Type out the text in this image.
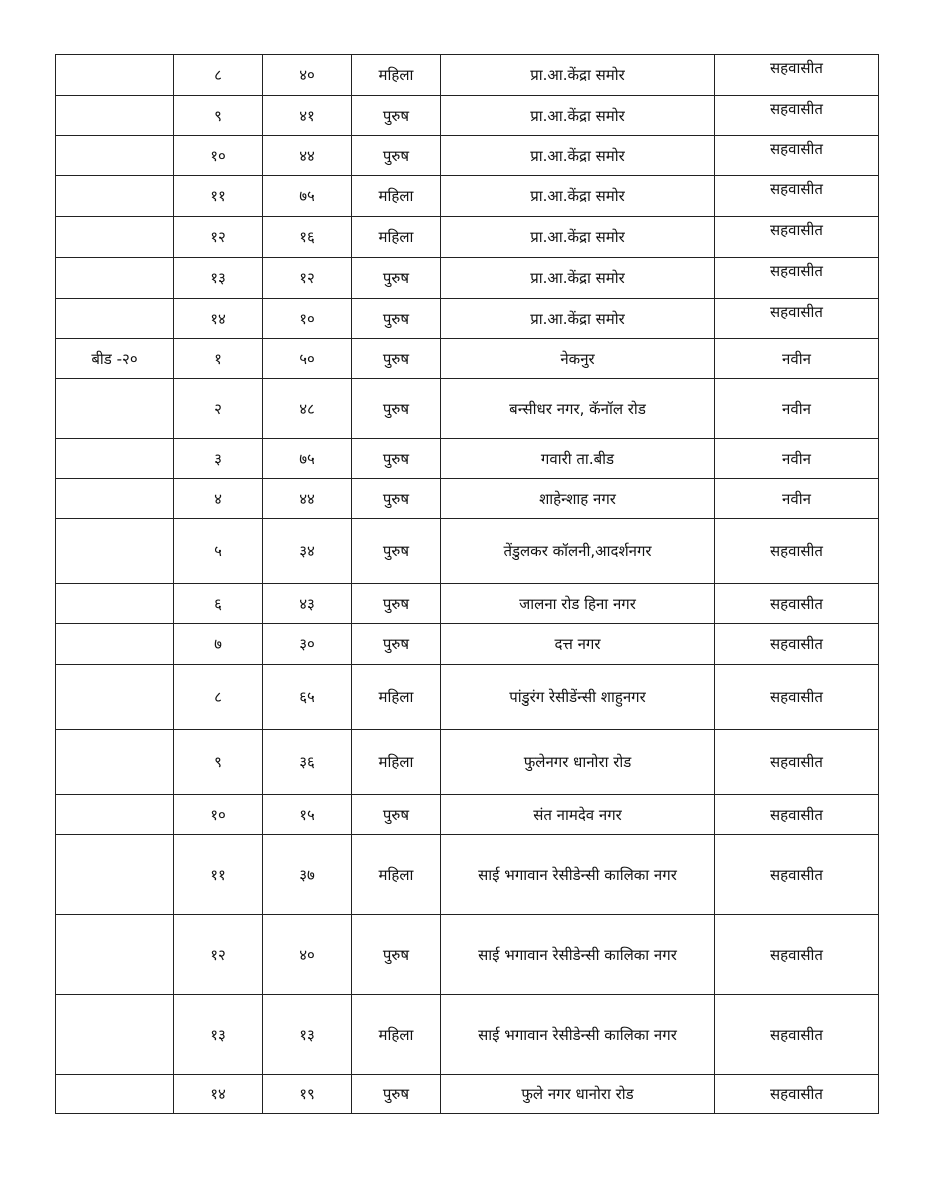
	८	४०	महिला	प्रा.आ.केंद्रा समोर	सहवासीत
	९	४१	पुरुष	प्रा.आ.केंद्रा समोर	सहवासीत
	१०	४४	पुरुष	प्रा.आ.केंद्रा समोर	सहवासीत
	११	७५	महिला	प्रा.आ.केंद्रा समोर	सहवासीत
	१२	१६	महिला	प्रा.आ.केंद्रा समोर	सहवासीत
	१३	१२	पुरुष	प्रा.आ.केंद्रा समोर	सहवासीत
	१४	१०	पुरुष	प्रा.आ.केंद्रा समोर	सहवासीत
बीड -२०	१	५०	पुरुष	नेकनुर	नवीन
	२	४८	पुरुष	बन्सीधर नगर, कॅनॉल रोड	नवीन
	३	७५	पुरुष	गवारी ता.बीड	नवीन
	४	४४	पुरुष	शाहेन्शाह नगर	नवीन
	५	३४	पुरुष	तेंडुलकर कॉलनी,आदर्शनगर	सहवासीत
	६	४३	पुरुष	जालना रोड हिना नगर	सहवासीत
	७	३०	पुरुष	दत्त नगर	सहवासीत
	८	६५	महिला	पांडुरंग रेसीडेंन्सी शाहुनगर	सहवासीत
	९	३६	महिला	फुलेनगर धानोरा रोड	सहवासीत
	१०	१५	पुरुष	संत नामदेव नगर	सहवासीत
	११	३७	महिला	साई भगावान रेसीडेन्सी कालिका नगर	सहवासीत
	१२	४०	पुरुष	साई भगावान रेसीडेन्सी कालिका नगर	सहवासीत
	१३	१३	महिला	साई भगावान रेसीडेन्सी कालिका नगर	सहवासीत
	१४	१९	पुरुष	फुले नगर धानोरा रोड	सहवासीत
